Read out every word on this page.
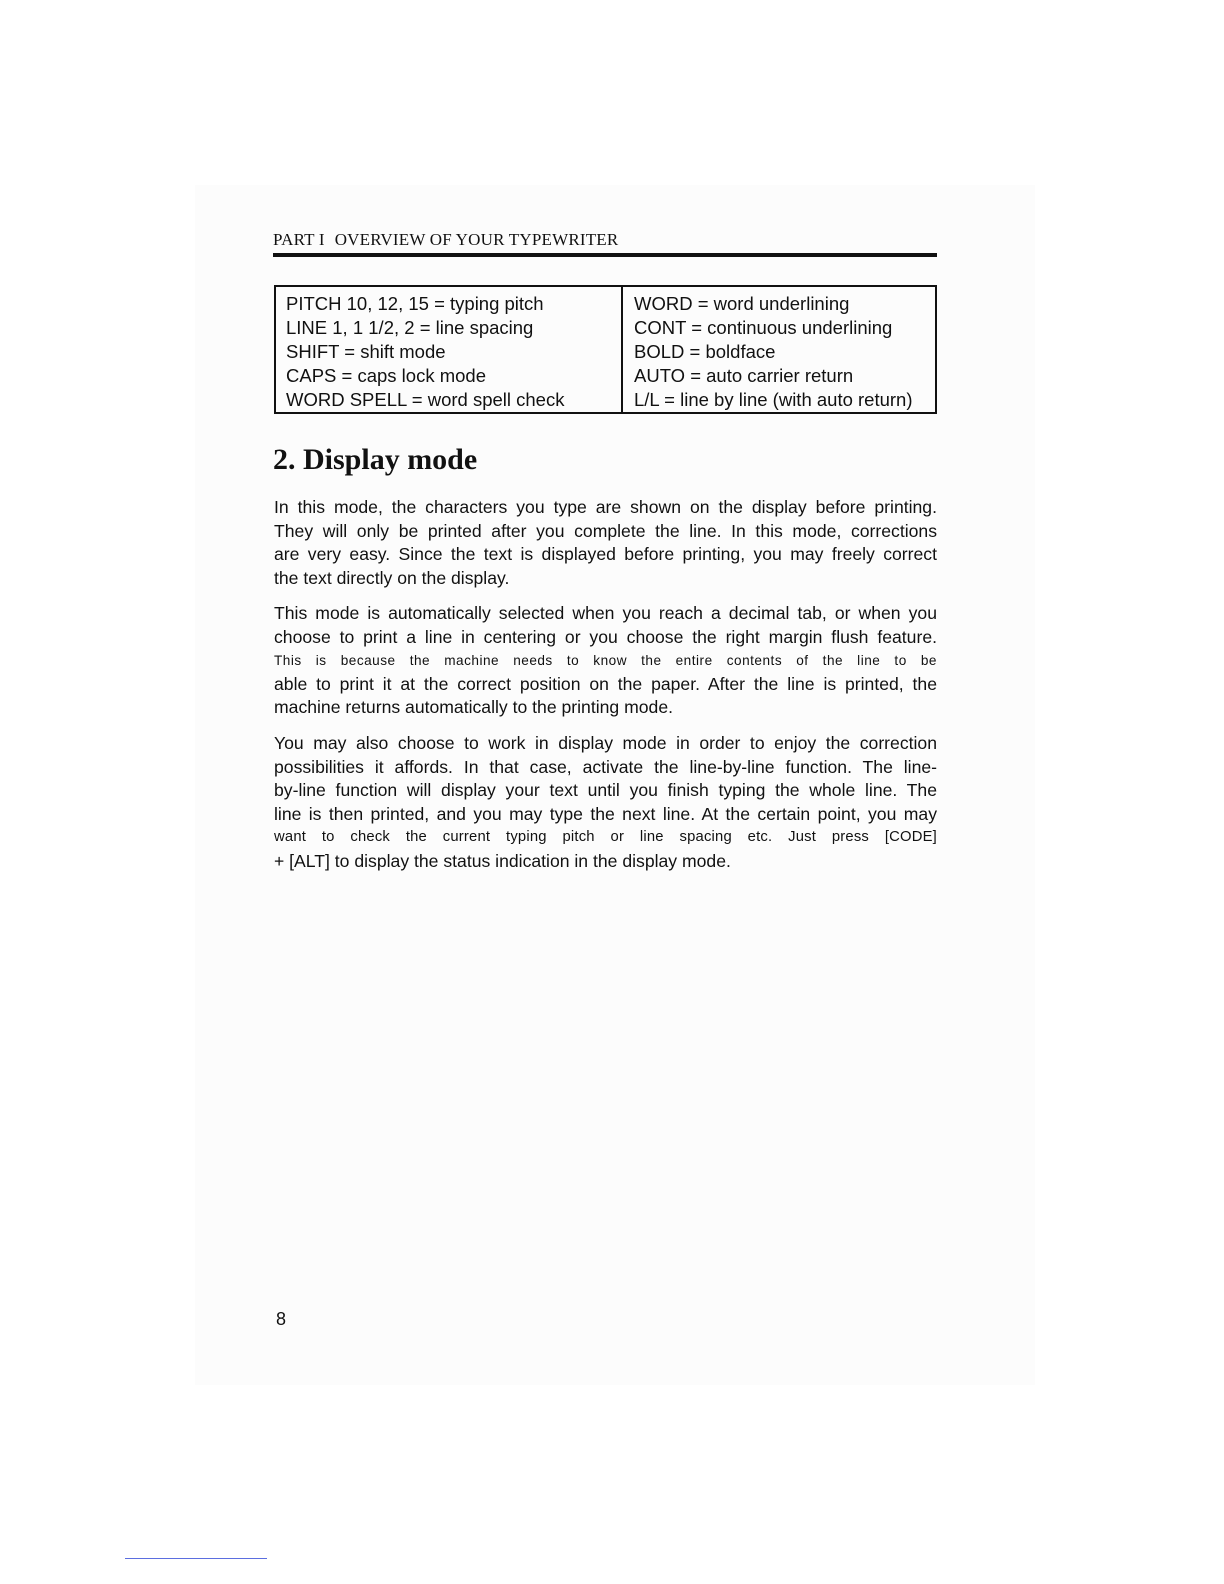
PART I OVERVIEW OF YOUR TYPEWRITER
PITCH 10, 12, 15 = typing pitch
LINE 1, 1 1/2, 2 = line spacing
SHIFT = shift mode
CAPS = caps lock mode
WORD SPELL = word spell check
WORD = word underlining
CONT = continuous underlining
BOLD = boldface
AUTO = auto carrier return
L/L = line by line (with auto return)
2. Display mode
In this mode, the characters you type are shown on the display before printing.
They will only be printed after you complete the line. In this mode, corrections
are very easy. Since the text is displayed before printing, you may freely correct
the text directly on the display.
This mode is automatically selected when you reach a decimal tab, or when you
choose to print a line in centering or you choose the right margin flush feature.
This is because the machine needs to know the entire contents of the line to be
able to print it at the correct position on the paper. After the line is printed, the
machine returns automatically to the printing mode.
You may also choose to work in display mode in order to enjoy the correction
possibilities it affords. In that case, activate the line-by-line function. The line-
by-line function will display your text until you finish typing the whole line. The
line is then printed, and you may type the next line. At the certain point, you may
want to check the current typing pitch or line spacing etc. Just press [CODE]
+ [ALT] to display the status indication in the display mode.
8
